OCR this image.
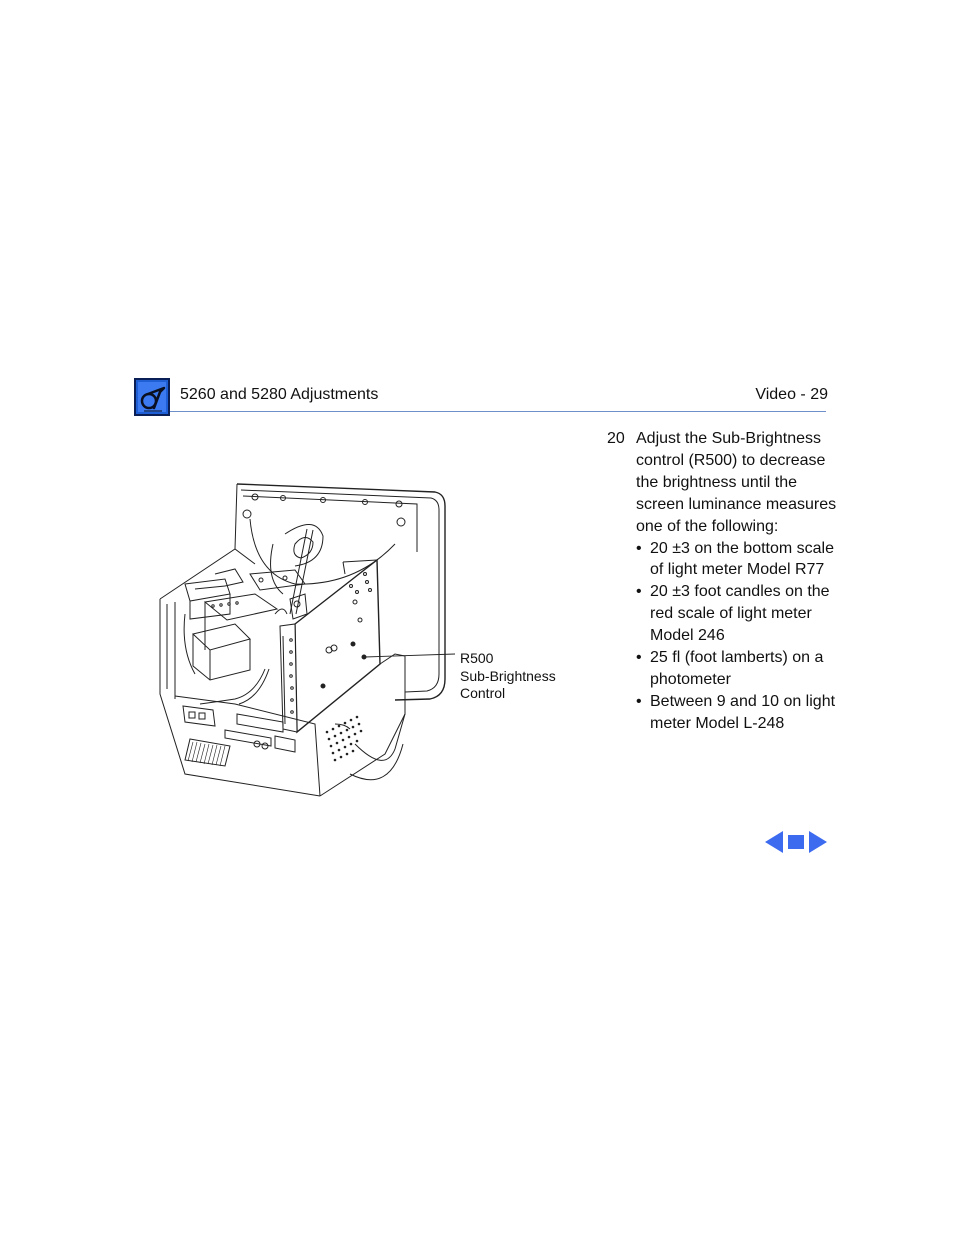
5260 and 5280 Adjustments	Video - 29
R500
Sub-Brightness
Control
20 Adjust the Sub-Brightness control (R500) to decrease the brightness until the screen luminance measures one of the following:
• 20 ±3 on the bottom scale of light meter Model R77
• 20 ±3 foot candles on the red scale of light meter Model 246
• 25 fl (foot lamberts) on a photometer
• Between 9 and 10 on light meter Model L-248
